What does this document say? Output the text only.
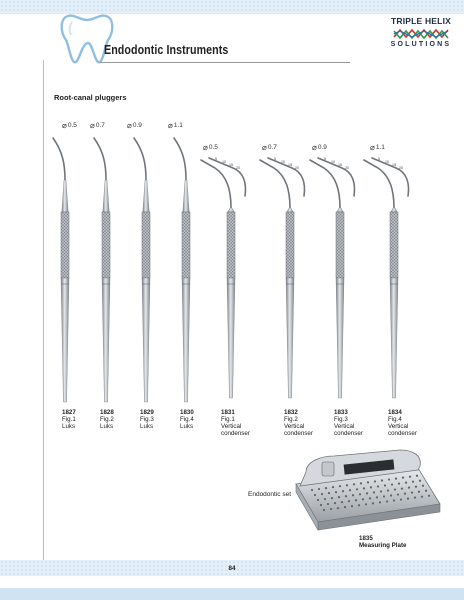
Endodontic Instruments
TRIPLE HELIX
SOLUTIONS
Root-canal pluggers
5
10
15
20
5
10
15
20
5
10
15
20
5
10
15
20
⌀0.5
1827
Fig.1
Luks
⌀0.7
1828
Fig.2
Luks
⌀0.9
1829
Fig.3
Luks
⌀1.1
1830
Fig.4
Luks
⌀0.5
1831
Fig.1
Vertical
condenser
⌀0.7
1832
Fig.2
Vertical
condenser
⌀0.9
1833
Fig.3
Vertical
condenser
⌀1.1
1834
Fig.4
Vertical
condenser
Endodontic set
1835
Measuring Plate
84
